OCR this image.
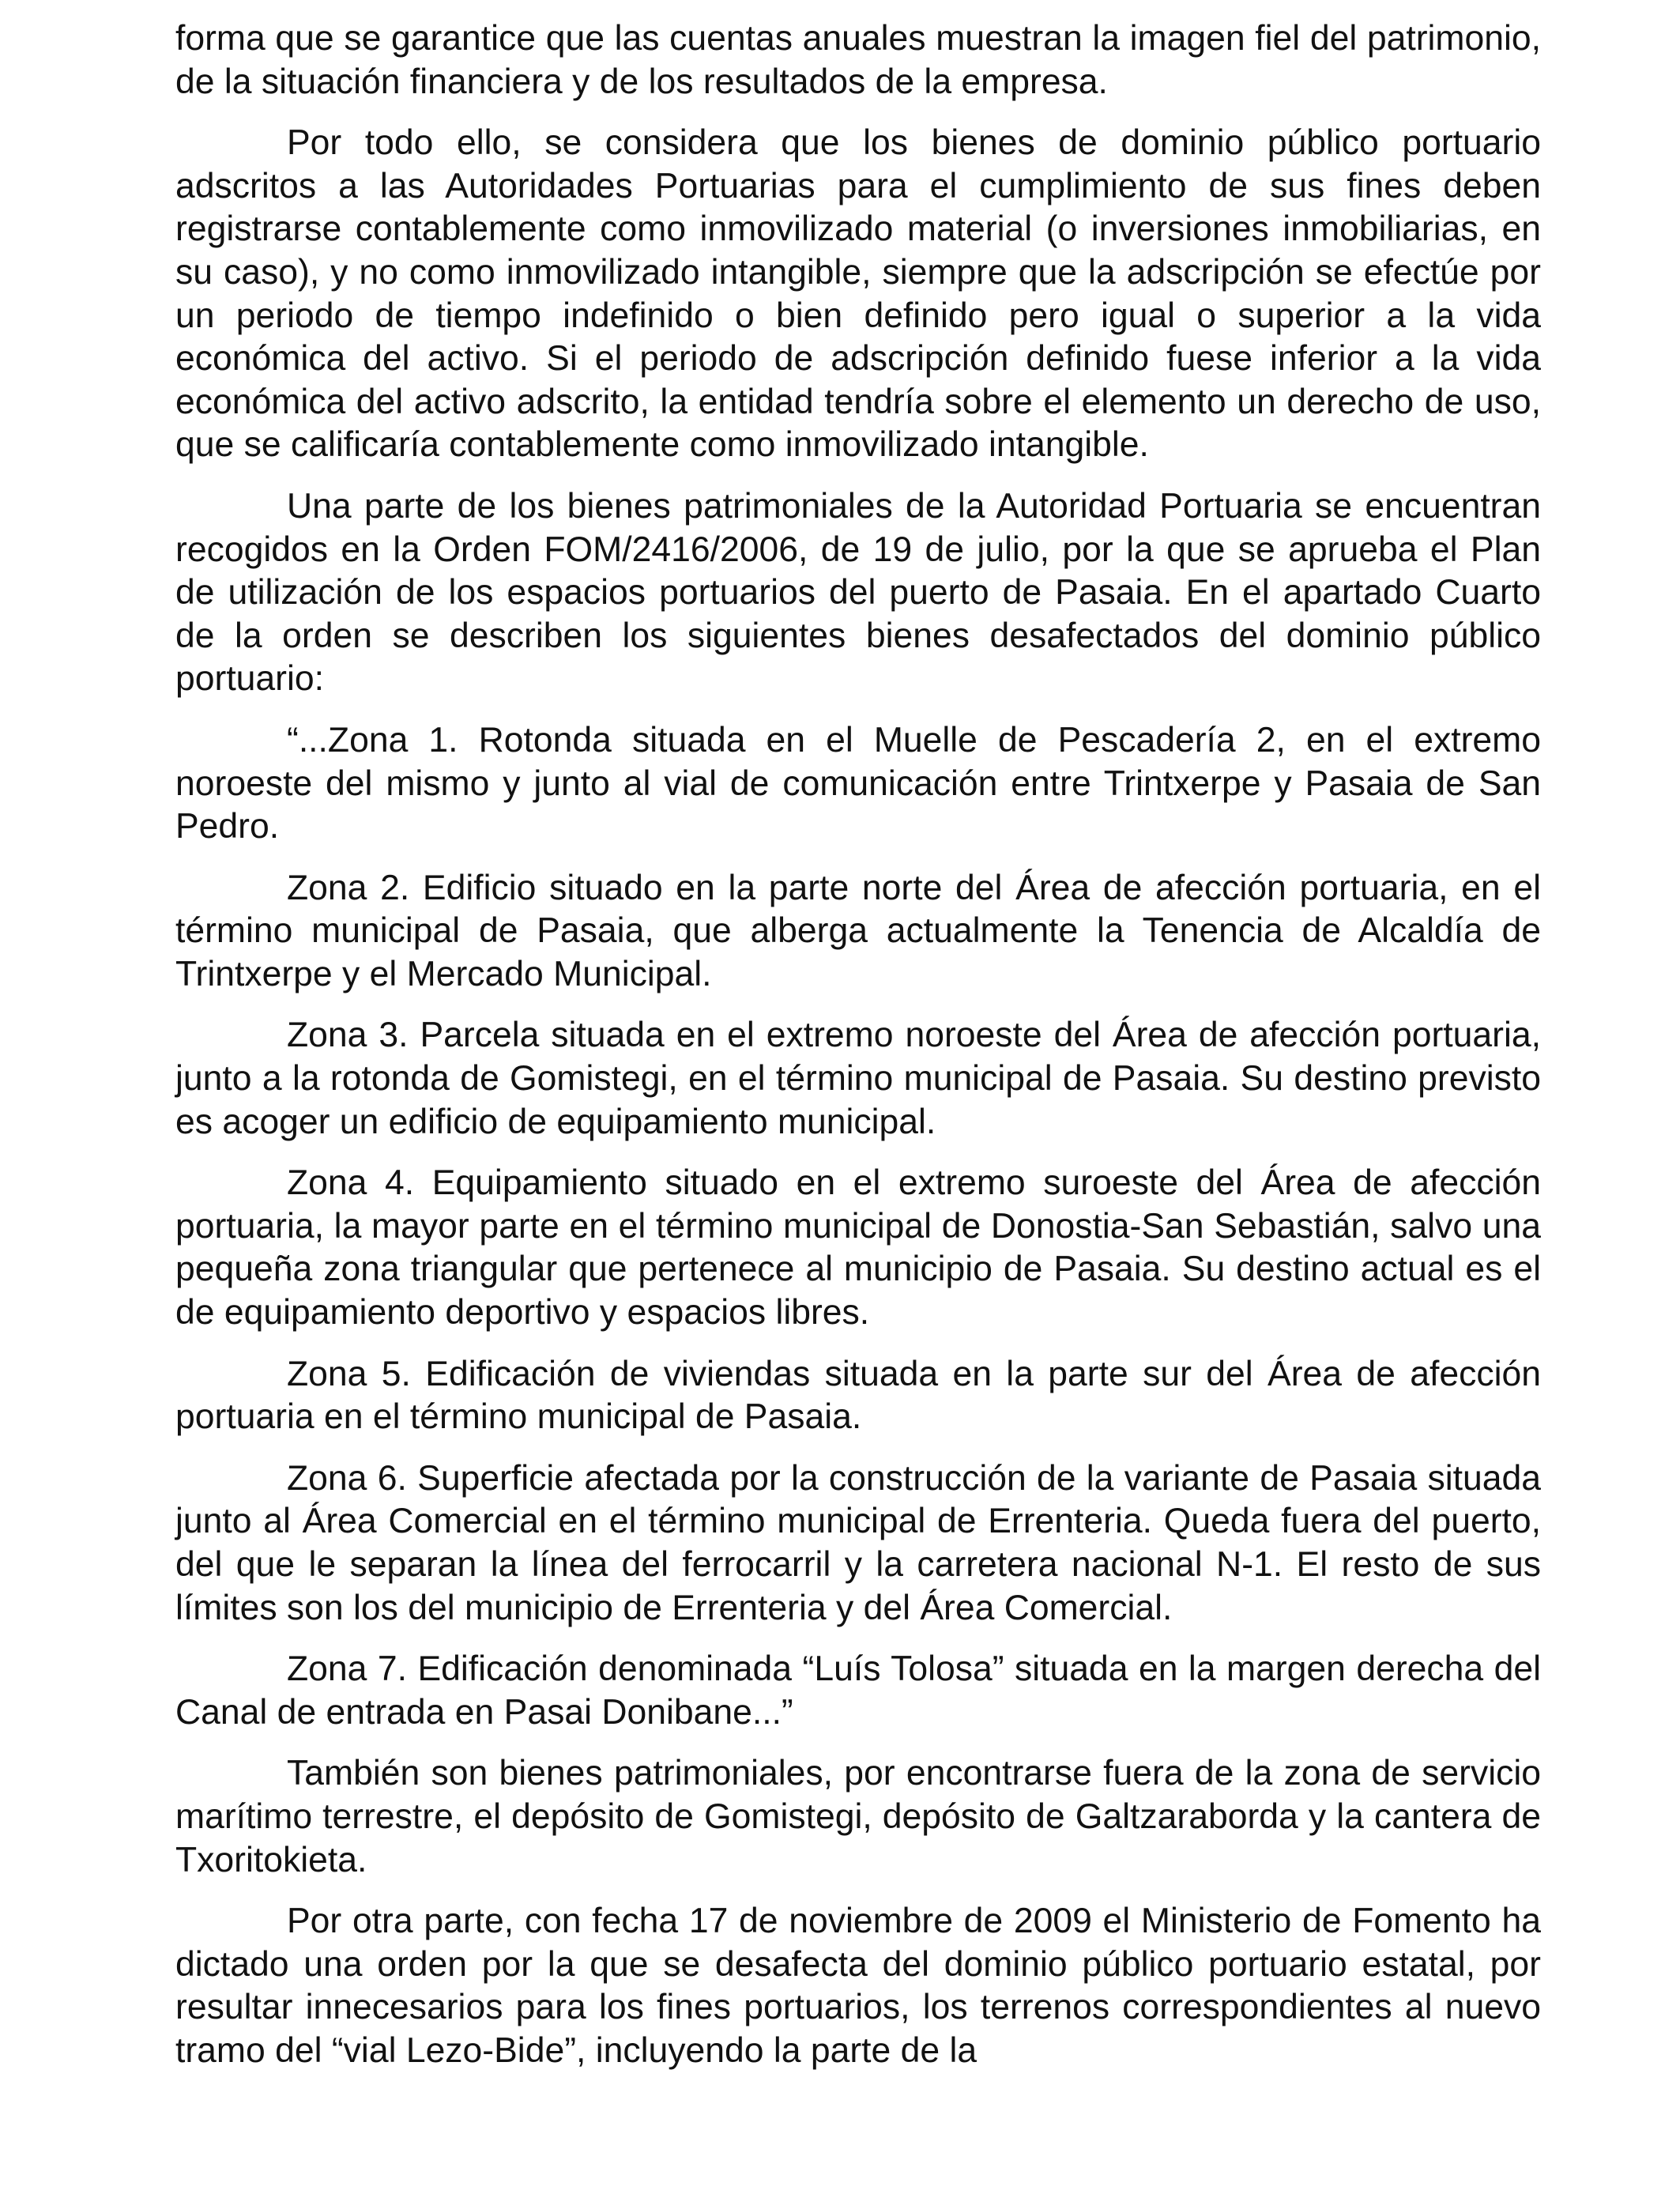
forma que se garantice que las cuentas anuales muestran la imagen fiel del patrimonio, de la situación financiera y de los resultados de la empresa.

Por todo ello, se considera que los bienes de dominio público portuario adscritos a las Autoridades Portuarias para el cumplimiento de sus fines deben registrarse contablemente como inmovilizado material (o inversiones inmobiliarias, en su caso), y no como inmovilizado intangible, siempre que la adscripción se efectúe por un periodo de tiempo indefinido o bien definido pero igual o superior a la vida económica del activo. Si el periodo de adscripción definido fuese inferior a la vida económica del activo adscrito, la entidad tendría sobre el elemento un derecho de uso, que se calificaría contablemente como inmovilizado intangible.

Una parte de los bienes patrimoniales de la Autoridad Portuaria se encuentran recogidos en la Orden FOM/2416/2006, de 19 de julio, por la que se aprueba el Plan de utilización de los espacios portuarios del puerto de Pasaia. En el apartado Cuarto de la orden se describen los siguientes bienes desafectados del dominio público portuario:

“...Zona 1. Rotonda situada en el Muelle de Pescadería 2, en el extremo noroeste del mismo y junto al vial de comunicación entre Trintxerpe y Pasaia de San Pedro.

Zona 2. Edificio situado en la parte norte del Área de afección portuaria, en el término municipal de Pasaia, que alberga actualmente la Tenencia de Alcaldía de Trintxerpe y el Mercado Municipal.

Zona 3. Parcela situada en el extremo noroeste del Área de afección portuaria, junto a la rotonda de Gomistegi, en el término municipal de Pasaia. Su destino previsto es acoger un edificio de equipamiento municipal.

Zona 4. Equipamiento situado en el extremo suroeste del Área de afección portuaria, la mayor parte en el término municipal de Donostia-San Sebastián, salvo una pequeña zona triangular que pertenece al municipio de Pasaia. Su destino actual es el de equipamiento deportivo y espacios libres.

Zona 5. Edificación de viviendas situada en la parte sur del Área de afección portuaria en el término municipal de Pasaia.

Zona 6. Superficie afectada por la construcción de la variante de Pasaia situada junto al Área Comercial en el término municipal de Errenteria. Queda fuera del puerto, del que le separan la línea del ferrocarril y la carretera nacional N-1. El resto de sus límites son los del municipio de Errenteria y del Área Comercial.

Zona 7. Edificación denominada “Luís Tolosa” situada en la margen derecha del Canal de entrada en Pasai Donibane...”

También son bienes patrimoniales, por encontrarse fuera de la zona de servicio marítimo terrestre, el depósito de Gomistegi, depósito de Galtzaraborda y la cantera de Txoritokieta.

Por otra parte, con fecha 17 de noviembre de 2009 el Ministerio de Fomento ha dictado una orden por la que se desafecta del dominio público portuario estatal, por resultar innecesarios para los fines portuarios, los terrenos correspondientes al nuevo tramo del “vial Lezo-Bide”, incluyendo la parte de la
